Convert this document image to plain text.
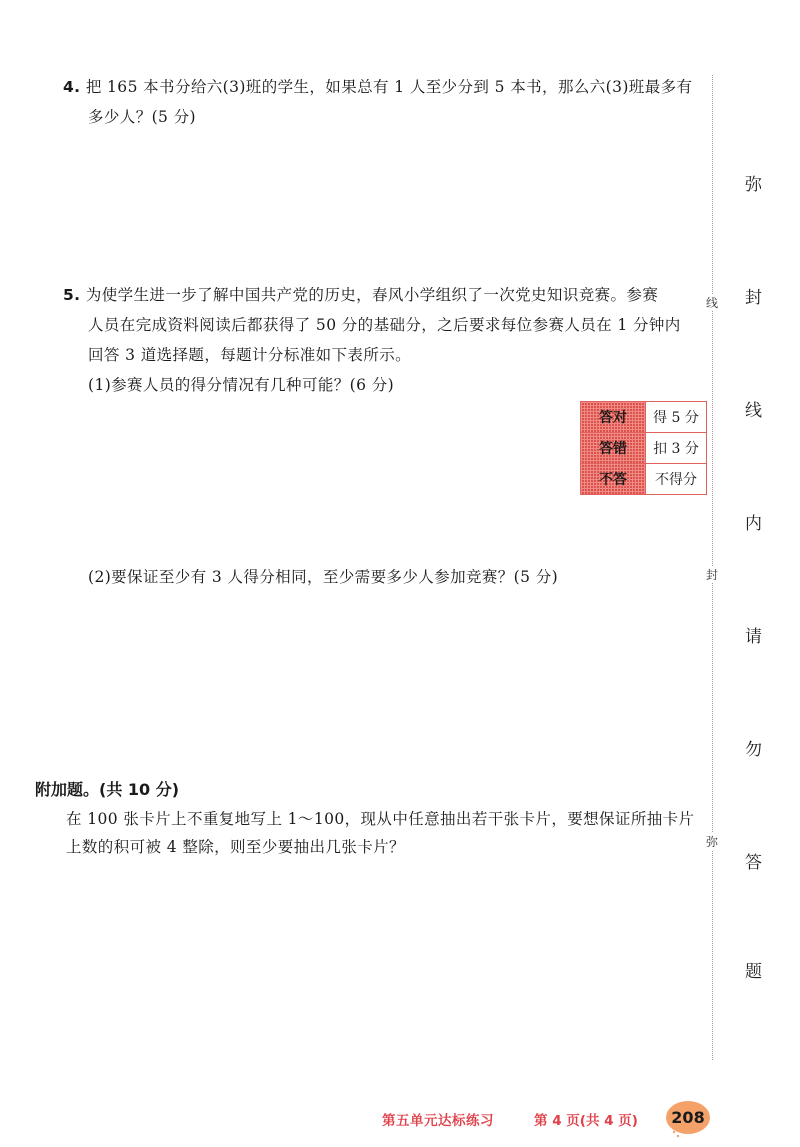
4. 把 165 本书分给六(3)班的学生，如果总有 1 人至少分到 5 本书，那么六(3)班最多有
多少人？(5 分)
5. 为使学生进一步了解中国共产党的历史，春风小学组织了一次党史知识竞赛。参赛
人员在完成资料阅读后都获得了 50 分的基础分，之后要求每位参赛人员在 1 分钟内
回答 3 道选择题，每题计分标准如下表所示。
(1)参赛人员的得分情况有几种可能？(6 分)
答对	得 5 分
答错	扣 3 分
不答	不得分
(2)要保证至少有 3 人得分相同，至少需要多少人参加竞赛？(5 分)
附加题。(共 10 分)
在 100 张卡片上不重复地写上 1～100，现从中任意抽出若干张卡片，要想保证所抽卡片
上数的积可被 4 整除，则至少要抽出几张卡片？
线
封
弥
弥
封
线
内
请
勿
答
题
第五单元达标练习	第 4 页(共 4 页)	208
